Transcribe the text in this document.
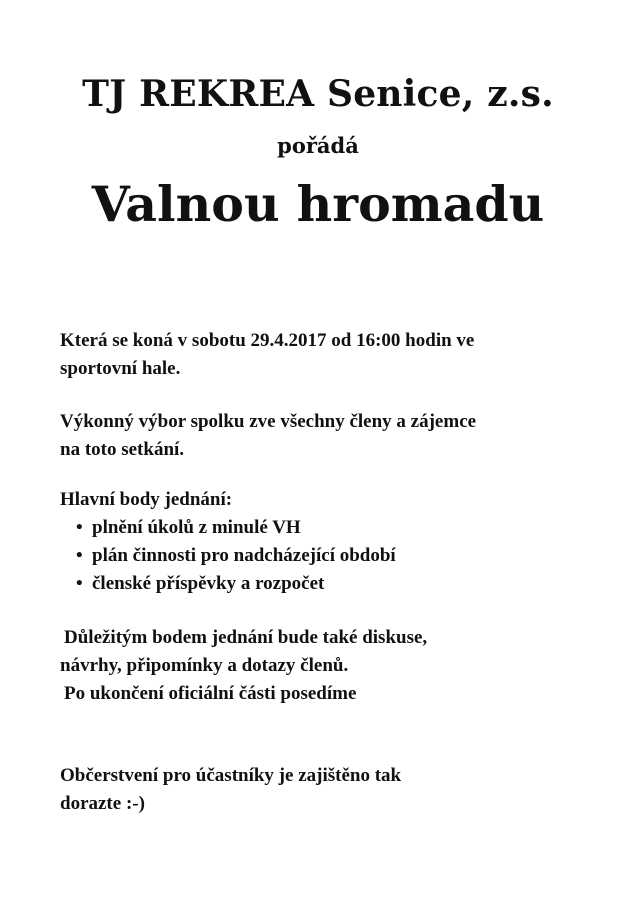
TJ REKREA Senice, z.s.
pořádá
Valnou hromadu
Která se koná v sobotu 29.4.2017 od 16:00 hodin ve
sportovní hale.
Výkonný výbor spolku zve všechny členy a zájemce
na toto setkání.
Hlavní body jednání:
• plnění úkolů z minulé VH
• plán činnosti pro nadcházející období
• členské příspěvky a rozpočet
Důležitým bodem jednání bude také diskuse,
návrhy, připomínky a dotazy členů.
Po ukončení oficiální části posedíme
Občerstvení pro účastníky je zajištěno tak
dorazte :-)
